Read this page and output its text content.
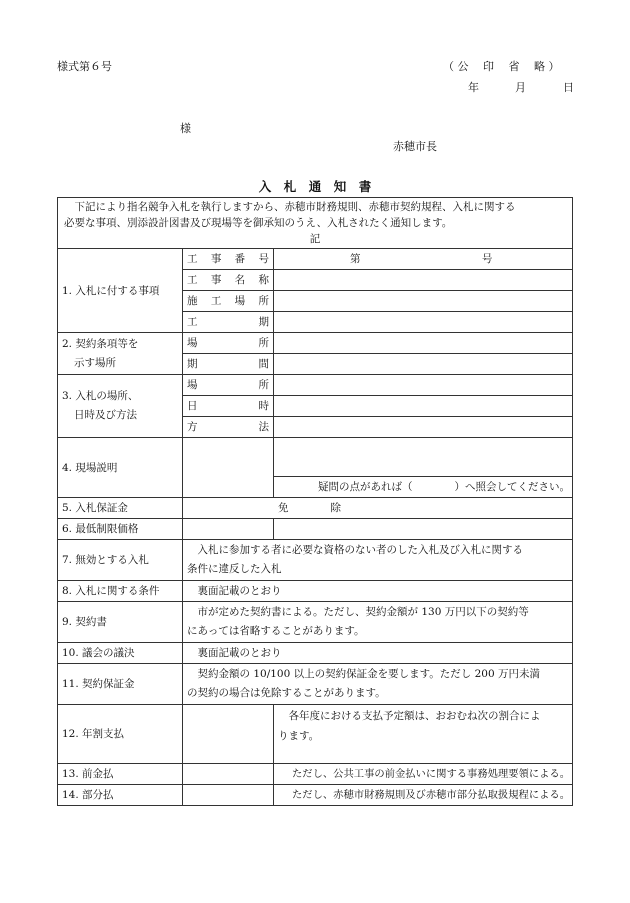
様式第６号	（ 公　 印　 省　 略 ）
年	月	日
様
赤穂市長
入　札　通　知　書
下記により指名競争入札を執行しますから、赤穂市財務規則、赤穂市契約規程、入札に関する
必要な事項、別添設計図書及び現場等を御承知のうえ、入札されたく通知します。
記		

1. 入札に付する事項	工 事 番 号	第 号
	工 事 名 称	
	施 工 場 所	
	工 期	

2. 契約条項等を
示す場所	場 所	
	期 間	

3. 入札の場所、
日時及び方法	場 所	
	日 時	
	方 法	
4. 現場説明		
		疑問の点があれば（　　　　）へ照会してください。
5. 入札保証金	免　　　　除	
6. 最低制限価格		
7. 無効とする入札	入札に参加する者に必要な資格のない者のした入札及び入札に関する
条件に違反した入札	

8. 入札に関する条件	裏面記載のとおり	
9. 契約書	市が定めた契約書による。ただし、契約金額が 130 万円以下の契約等
にあっては省略することがあります。	

10. 議会の議決	裏面記載のとおり	
11. 契約保証金	契約金額の 10/100 以上の契約保証金を要します。ただし 200 万円未満
の契約の場合は免除することがあります。	

12. 年割支払		各年度における支払予定額は、おおむね次の割合によ
ります。

13. 前金払		ただし、公共工事の前金払いに関する事務処理要領による。
14. 部分払		ただし、赤穂市財務規則及び赤穂市部分払取扱規程による。
